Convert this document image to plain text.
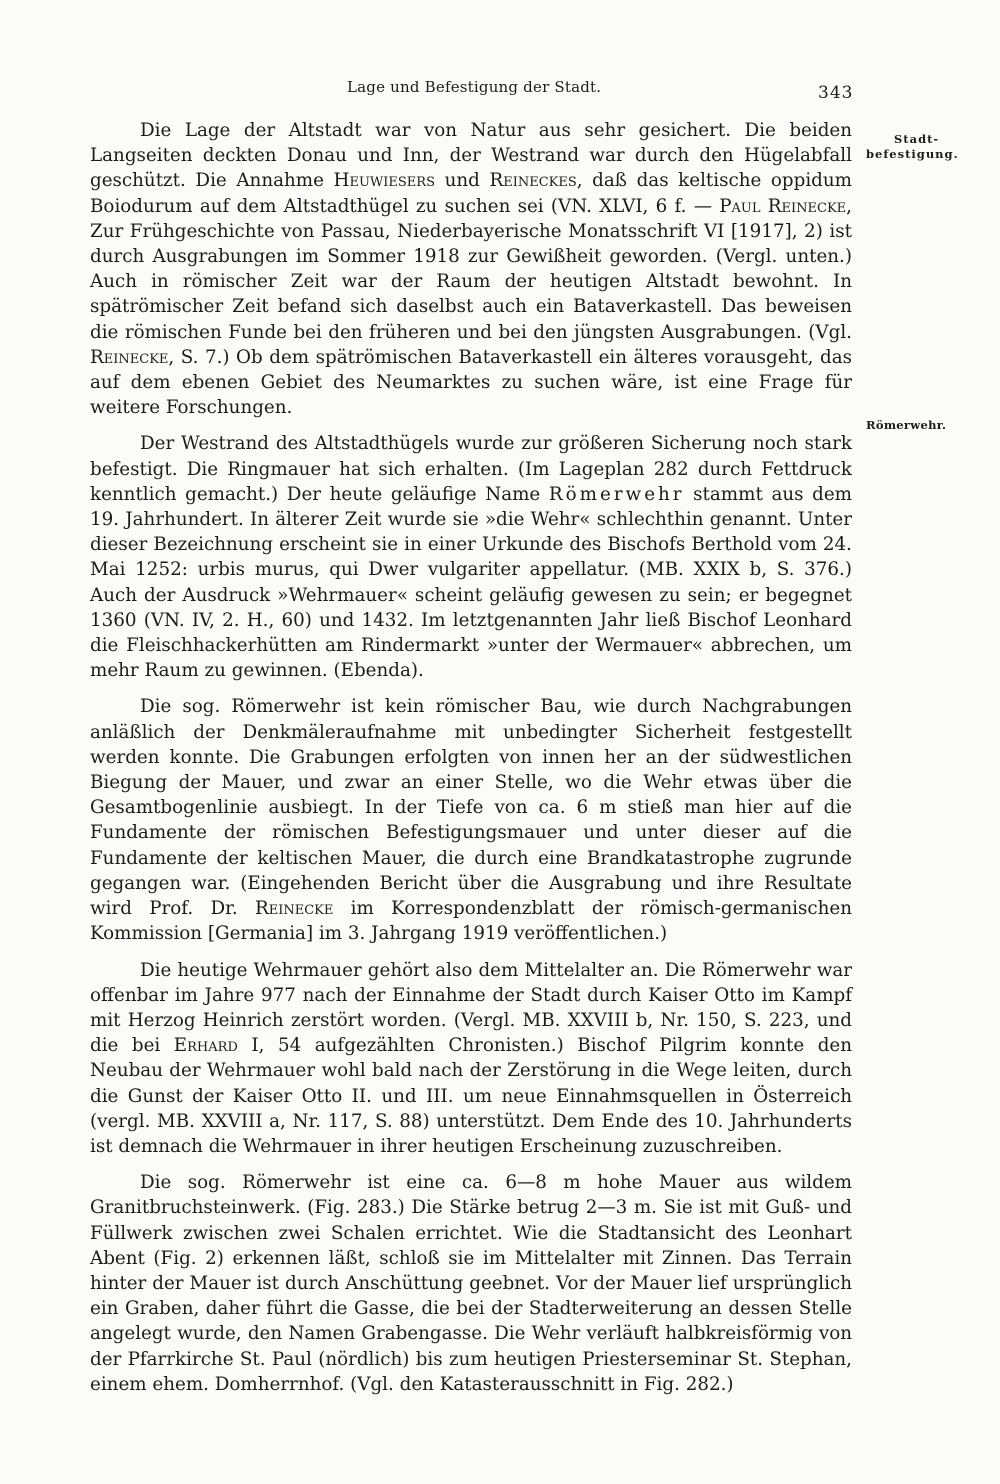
Lage und Befestigung der Stadt.	343
Stadt-
befestigung.
Römerwehr.

Die Lage der Altstadt war von Natur aus sehr gesichert. Die beiden Langseiten deckten Donau und Inn, der Westrand war durch den Hügelabfall geschützt. Die Annahme Heuwiesers und Reineckes, daß das keltische oppidum Boiodurum auf dem Altstadthügel zu suchen sei (VN. XLVI, 6 f. — Paul Reinecke, Zur Frühgeschichte von Passau, Niederbayerische Monatsschrift VI [1917], 2) ist durch Ausgrabungen im Sommer 1918 zur Gewißheit geworden. (Vergl. unten.) Auch in römischer Zeit war der Raum der heutigen Altstadt bewohnt. In spätrömischer Zeit befand sich daselbst auch ein Bataverkastell. Das beweisen die römischen Funde bei den früheren und bei den jüngsten Ausgrabungen. (Vgl. Reinecke, S. 7.) Ob dem spätrömischen Bataverkastell ein älteres vorausgeht, das auf dem ebenen Gebiet des Neumarktes zu suchen wäre, ist eine Frage für weitere Forschungen.

Der Westrand des Altstadthügels wurde zur größeren Sicherung noch stark befestigt. Die Ringmauer hat sich erhalten. (Im Lageplan 282 durch Fettdruck kenntlich gemacht.) Der heute geläufige Name Römerwehr stammt aus dem 19. Jahrhundert. In älterer Zeit wurde sie »die Wehr« schlechthin genannt. Unter dieser Bezeichnung erscheint sie in einer Urkunde des Bischofs Berthold vom 24. Mai 1252: urbis murus, qui Dwer vulgariter appellatur. (MB. XXIX b, S. 376.) Auch der Ausdruck »Wehrmauer« scheint geläufig gewesen zu sein; er begegnet 1360 (VN. IV, 2. H., 60) und 1432. Im letztgenannten Jahr ließ Bischof Leonhard die Fleischhackerhütten am Rindermarkt »unter der Wermauer« abbrechen, um mehr Raum zu gewinnen. (Ebenda).

Die sog. Römerwehr ist kein römischer Bau, wie durch Nachgrabungen anläßlich der Denkmäleraufnahme mit unbedingter Sicherheit festgestellt werden konnte. Die Grabungen erfolgten von innen her an der südwestlichen Biegung der Mauer, und zwar an einer Stelle, wo die Wehr etwas über die Gesamtbogenlinie ausbiegt. In der Tiefe von ca. 6 m stieß man hier auf die Fundamente der römischen Befestigungsmauer und unter dieser auf die Fundamente der keltischen Mauer, die durch eine Brandkatastrophe zugrunde gegangen war. (Eingehenden Bericht über die Ausgrabung und ihre Resultate wird Prof. Dr. Reinecke im Korrespondenzblatt der römisch-germanischen Kommission [Germania] im 3. Jahrgang 1919 veröffentlichen.)

Die heutige Wehrmauer gehört also dem Mittelalter an. Die Römerwehr war offenbar im Jahre 977 nach der Einnahme der Stadt durch Kaiser Otto im Kampf mit Herzog Heinrich zerstört worden. (Vergl. MB. XXVIII b, Nr. 150, S. 223, und die bei Erhard I, 54 aufgezählten Chronisten.) Bischof Pilgrim konnte den Neubau der Wehrmauer wohl bald nach der Zerstörung in die Wege leiten, durch die Gunst der Kaiser Otto II. und III. um neue Einnahmsquellen in Österreich (vergl. MB. XXVIII a, Nr. 117, S. 88) unterstützt. Dem Ende des 10. Jahrhunderts ist demnach die Wehrmauer in ihrer heutigen Erscheinung zuzuschreiben.

Die sog. Römerwehr ist eine ca. 6—8 m hohe Mauer aus wildem Granitbruchsteinwerk. (Fig. 283.) Die Stärke betrug 2—3 m. Sie ist mit Guß- und Füllwerk zwischen zwei Schalen errichtet. Wie die Stadtansicht des Leonhart Abent (Fig. 2) erkennen läßt, schloß sie im Mittelalter mit Zinnen. Das Terrain hinter der Mauer ist durch Anschüttung geebnet. Vor der Mauer lief ursprünglich ein Graben, daher führt die Gasse, die bei der Stadterweiterung an dessen Stelle angelegt wurde, den Namen Grabengasse. Die Wehr verläuft halbkreisförmig von der Pfarrkirche St. Paul (nördlich) bis zum heutigen Priesterseminar St. Stephan, einem ehem. Domherrnhof. (Vgl. den Katasterausschnitt in Fig. 282.)
